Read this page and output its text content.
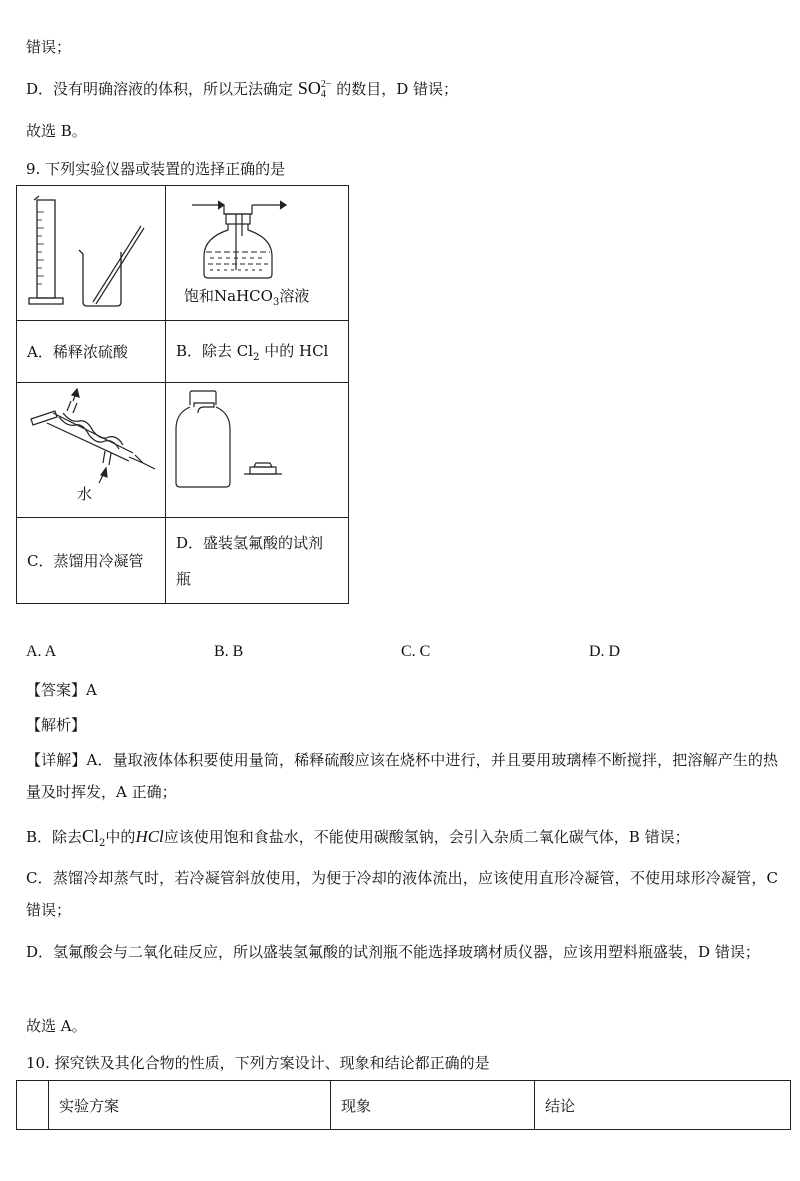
错误；
D．没有明确溶液的体积，所以无法确定 SO 2−
4 的数目，D 错误；
故选 B。
9. 下列实验仪器或装置的选择正确的是

饱和NaHCO$_3$溶液

A．稀释浓硫酸	B．除去 $Cl_2$ 中的 HCl

水

C．蒸馏用冷凝管	D．盛装氢氟酸的试剂
瓶
A. A	B. B	C. C	D. D
【答案】A
【解析】
【详解】A．量取液体体积要使用量筒，稀释硫酸应该在烧杯中进行，并且要用玻璃棒不断搅拌，把溶解产生的热量及时挥发，A 正确；
B．除去$Cl_2$中的HCl应该使用饱和食盐水，不能使用碳酸氢钠，会引入杂质二氧化碳气体，B 错误；
C．蒸馏冷却蒸气时，若冷凝管斜放使用，为便于冷却的液体流出，应该使用直形冷凝管，不使用球形冷凝管，C 错误；
D．氢氟酸会与二氧化硅反应，所以盛装氢氟酸的试剂瓶不能选择玻璃材质仪器，应该用塑料瓶盛装，D 错误；
故选 A。
10. 探究铁及其化合物的性质，下列方案设计、现象和结论都正确的是
	实验方案	现象	结论
